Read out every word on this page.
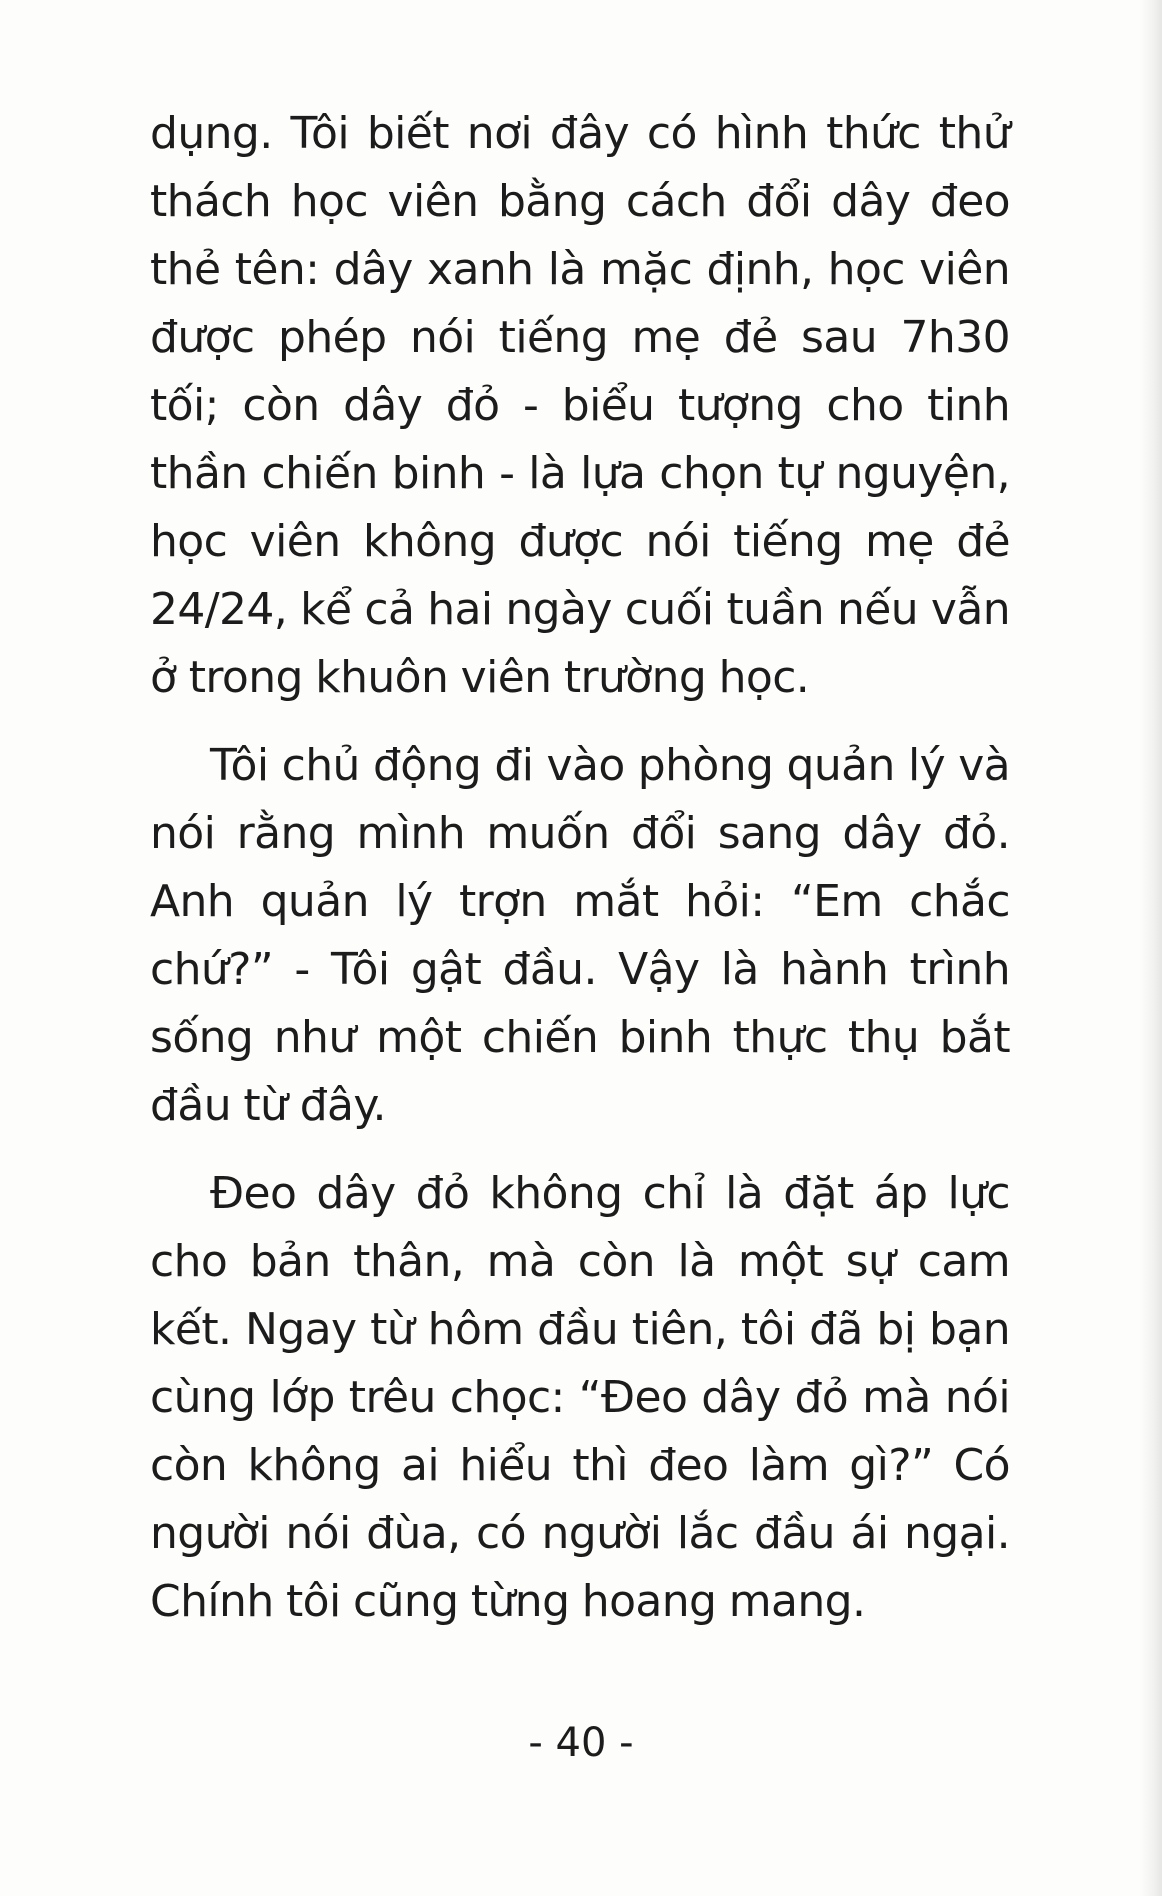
dụng. Tôi biết nơi đây có hình thức thử thách học viên bằng cách đổi dây đeo thẻ tên: dây xanh là mặc định, học viên được phép nói tiếng mẹ đẻ sau 7h30 tối; còn dây đỏ - biểu tượng cho tinh thần chiến binh - là lựa chọn tự nguyện, học viên không được nói tiếng mẹ đẻ 24/24, kể cả hai ngày cuối tuần nếu vẫn ở trong khuôn viên trường học.

Tôi chủ động đi vào phòng quản lý và nói rằng mình muốn đổi sang dây đỏ. Anh quản lý trợn mắt hỏi: “Em chắc chứ?” - Tôi gật đầu. Vậy là hành trình sống như một chiến binh thực thụ bắt đầu từ đây.

Đeo dây đỏ không chỉ là đặt áp lực cho bản thân, mà còn là một sự cam kết. Ngay từ hôm đầu tiên, tôi đã bị bạn cùng lớp trêu chọc: “Đeo dây đỏ mà nói còn không ai hiểu thì đeo làm gì?” Có người nói đùa, có người lắc đầu ái ngại. Chính tôi cũng từng hoang mang.

- 40 -
